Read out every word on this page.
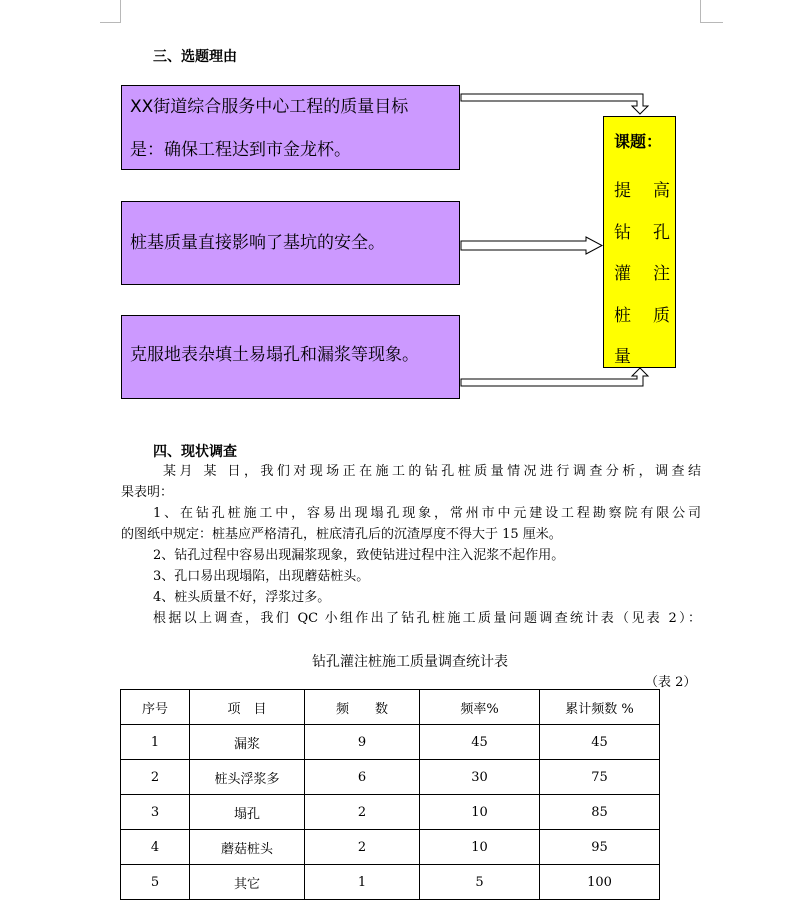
三、选题理由
XX街道综合服务中心工程的质量目标
是：确保工程达到市金龙杯。
桩基质量直接影响了基坑的安全。
克服地表杂填土易塌孔和漏浆等现象。
课题：
提	高
钻	孔
灌	注
桩	质
量
四、现状调查
某月 某 日，我们对现场正在施工的钻孔桩质量情况进行调查分析，调查结
果表明：
1、在钻孔桩施工中，容易出现塌孔现象，常州市中元建设工程勘察院有限公司
的图纸中规定：桩基应严格清孔，桩底清孔后的沉渣厚度不得大于 15 厘米。
2、钻孔过程中容易出现漏浆现象，致使钻进过程中注入泥浆不起作用。
3、孔口易出现塌陷，出现蘑菇桩头。
4、桩头质量不好，浮浆过多。
根据以上调查，我们 QC 小组作出了钻孔桩施工质量问题调查统计表（见表 2）：
钻孔灌注桩施工质量调查统计表
（表 2）
序号	项　目	频　　数	频率%	累计频数 %
1	漏浆	9	45	45
2	桩头浮浆多	6	30	75
3	塌孔	2	10	85
4	蘑菇桩头	2	10	95
5	其它	1	5	100
